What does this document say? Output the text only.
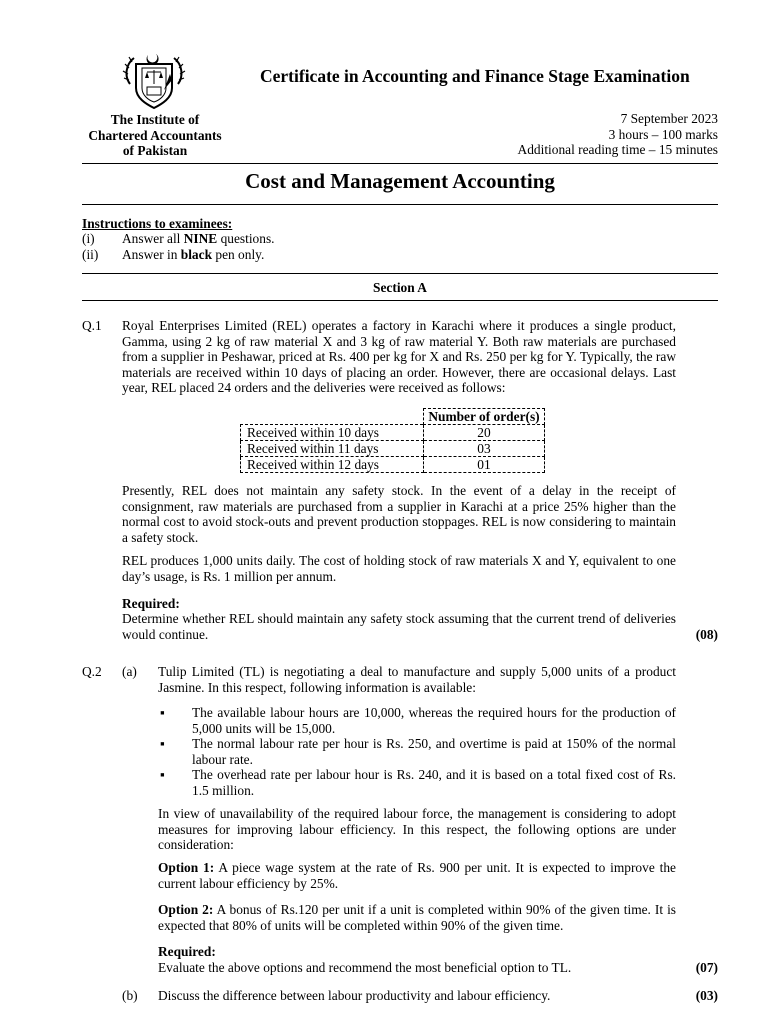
The Institute of
Chartered Accountants
of Pakistan
Certificate in Accounting and Finance Stage Examination
7 September 2023
3 hours – 100 marks
Additional reading time – 15 minutes
Cost and Management Accounting
Instructions to examinees:
(i) Answer all NINE questions.
(ii) Answer in black pen only.
Section A
Q.1 Royal Enterprises Limited (REL) operates a factory in Karachi where it produces a single product, Gamma, using 2 kg of raw material X and 3 kg of raw material Y. Both raw materials are purchased from a supplier in Peshawar, priced at Rs. 400 per kg for X and Rs. 250 per kg for Y. Typically, the raw materials are received within 10 days of placing an order. However, there are occasional delays. Last year, REL placed 24 orders and the deliveries were received as follows:
	Number of order(s)
Received within 10 days	20
Received within 11 days	03
Received within 12 days	01
Presently, REL does not maintain any safety stock. In the event of a delay in the receipt of consignment, raw materials are purchased from a supplier in Karachi at a price 25% higher than the normal cost to avoid stock-outs and prevent production stoppages. REL is now considering to maintain a safety stock.
REL produces 1,000 units daily. The cost of holding stock of raw materials X and Y, equivalent to one day’s usage, is Rs. 1 million per annum.
Required:
Determine whether REL should maintain any safety stock assuming that the current trend of deliveries would continue.	(08)
Q.2 (a) Tulip Limited (TL) is negotiating a deal to manufacture and supply 5,000 units of a product Jasmine. In this respect, following information is available:
▪ The available labour hours are 10,000, whereas the required hours for the production of 5,000 units will be 15,000.
▪ The normal labour rate per hour is Rs. 250, and overtime is paid at 150% of the normal labour rate.
▪ The overhead rate per labour hour is Rs. 240, and it is based on a total fixed cost of Rs. 1.5 million.
In view of unavailability of the required labour force, the management is considering to adopt measures for improving labour efficiency. In this respect, the following options are under consideration:
Option 1: A piece wage system at the rate of Rs. 900 per unit. It is expected to improve the current labour efficiency by 25%.
Option 2: A bonus of Rs.120 per unit if a unit is completed within 90% of the given time. It is expected that 80% of units will be completed within 90% of the given time.
Required:
Evaluate the above options and recommend the most beneficial option to TL.	(07)
(b) Discuss the difference between labour productivity and labour efficiency.	(03)
